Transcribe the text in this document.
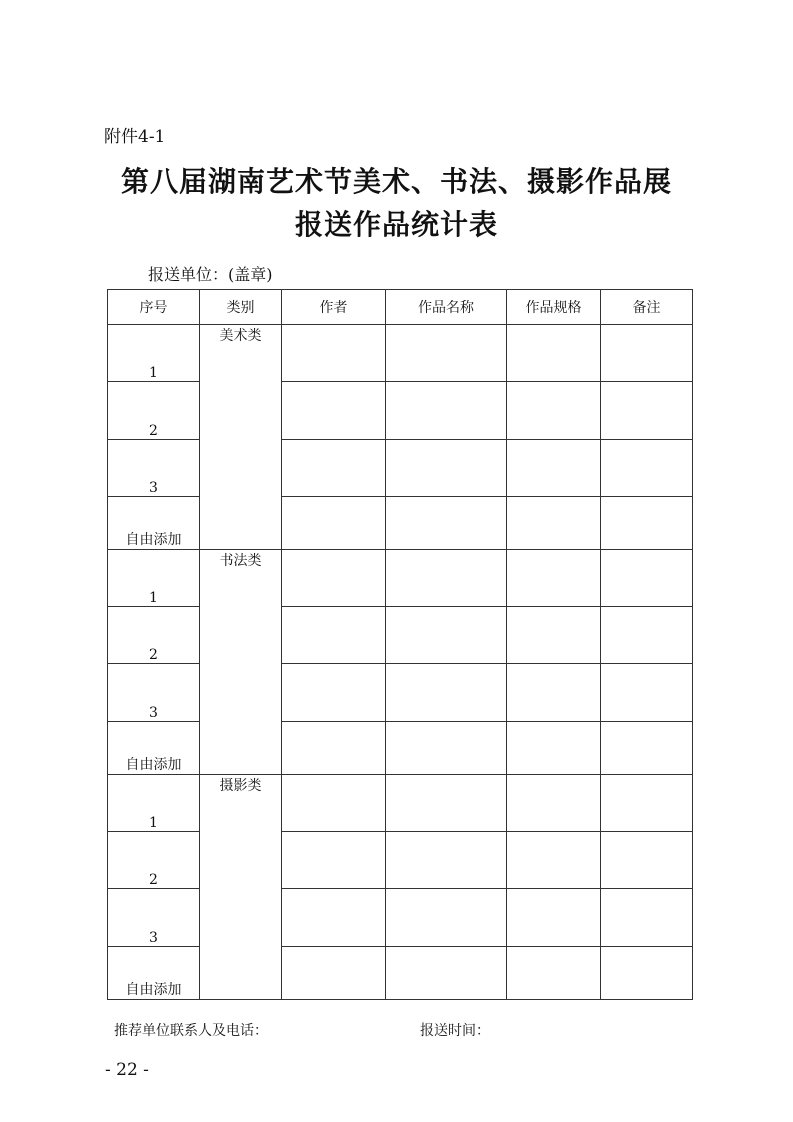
附件4-1
第八届湖南艺术节美术、书法、摄影作品展
报送作品统计表
报送单位：(盖章)
序号	类别	作者	作品名称	作品规格	备注
1	美术类				
2					
3					
自由添加					
1	书法类				
2					
3					
自由添加					
1	摄影类				
2					
3					
自由添加					
推荐单位联系人及电话：	报送时间：
- 22 -
